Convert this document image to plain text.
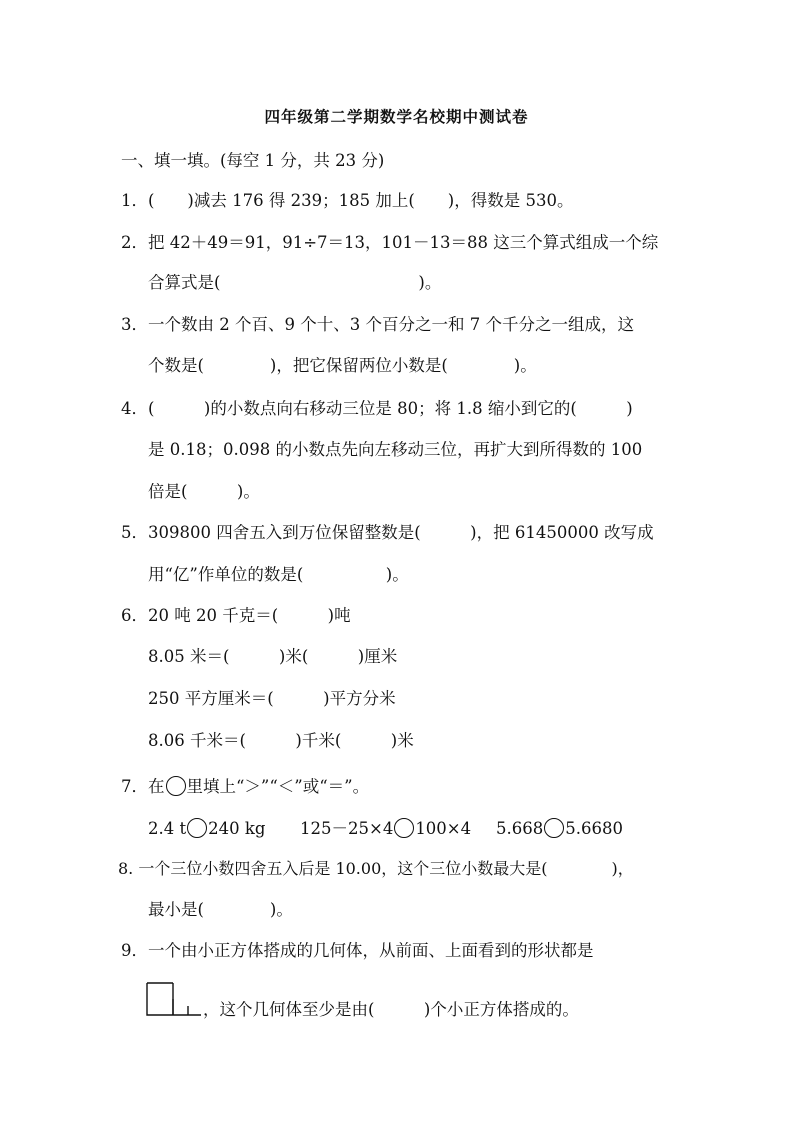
四年级第二学期数学名校期中测试卷
一、填一填。(每空 1 分，共 23 分)
1．(　　)减去 176 得 239；185 加上(　　)，得数是 530。
2．把 42＋49＝91，91÷7＝13，101－13＝88 这三个算式组成一个综
合算式是(　　　　　　　　　　　　)。
3．一个数由 2 个百、9 个十、3 个百分之一和 7 个千分之一组成，这
个数是(　　　　)，把它保留两位小数是(　　　　)。
4．(　　　)的小数点向右移动三位是 80；将 1.8 缩小到它的(　　　)
是 0.18；0.098 的小数点先向左移动三位，再扩大到所得数的 100
倍是(　　　)。
5．309800 四舍五入到万位保留整数是(　　　)，把 61450000 改写成
用“亿”作单位的数是(　　　　　)。
6．20 吨 20 千克＝(　　　)吨
8.05 米＝(　　　)米(　　　)厘米
250 平方厘米＝(　　　)平方分米
8.06 千米＝(　　　)千米(　　　)米
7．在 里填上“＞”“＜”或“＝”。
2.4 t 240 kg 125－25×4 100×4 5.668 5.6680
8. 一个三位小数四舍五入后是 10.00，这个三位小数最大是(　　　　)，
最小是(　　　　)。
9．一个由小正方体搭成的几何体，从前面、上面看到的形状都是
，这个几何体至少是由(　　　)个小正方体搭成的。
